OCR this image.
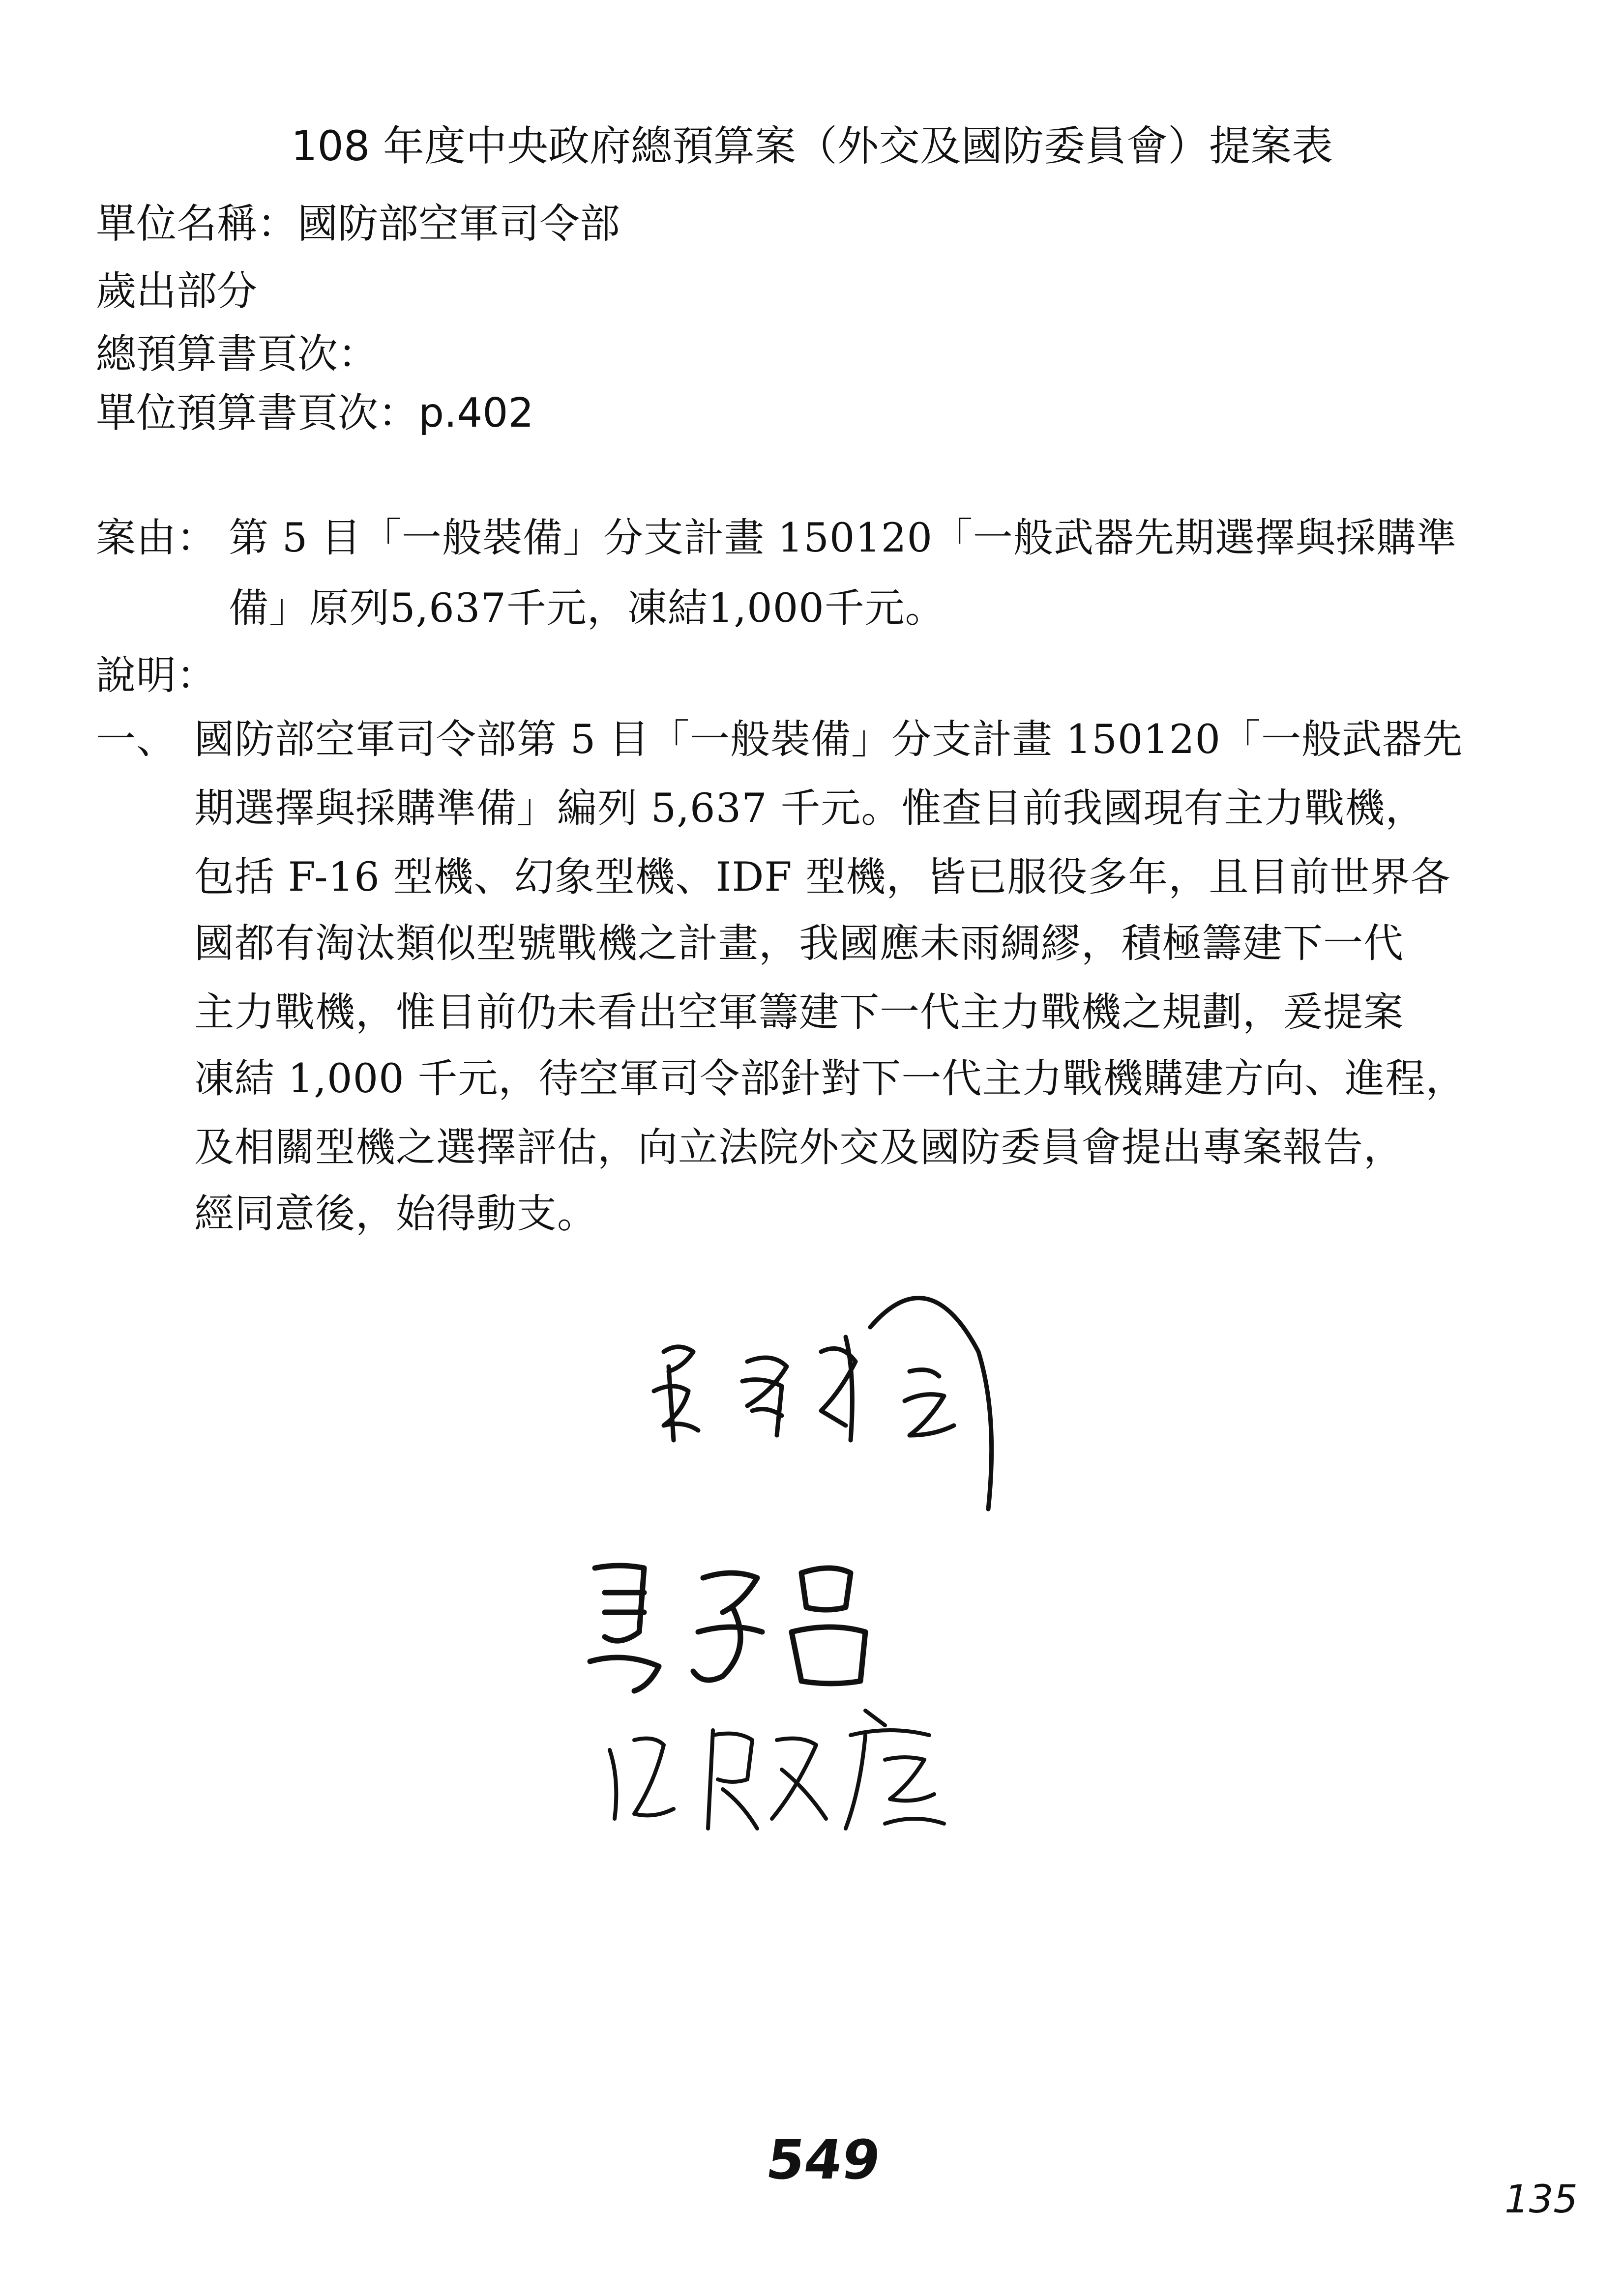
108 年度中央政府總預算案（外交及國防委員會）提案表
單位名稱：國防部空軍司令部
歲出部分
總預算書頁次：
單位預算書頁次：p.402
案由： 第 5 目「一般裝備」分支計畫 150120「一般武器先期選擇與採購準
備」原列5,637千元，凍結1,000千元。
說明：
一、 國防部空軍司令部第 5 目「一般裝備」分支計畫 150120「一般武器先
期選擇與採購準備」編列 5,637 千元。惟查目前我國現有主力戰機，
包括 F-16 型機、幻象型機、IDF 型機，皆已服役多年，且目前世界各
國都有淘汰類似型號戰機之計畫，我國應未雨綢繆，積極籌建下一代
主力戰機，惟目前仍未看出空軍籌建下一代主力戰機之規劃，爰提案
凍結 1,000 千元，待空軍司令部針對下一代主力戰機購建方向、進程，
及相關型機之選擇評估，向立法院外交及國防委員會提出專案報告，
經同意後，始得動支。
549
135
